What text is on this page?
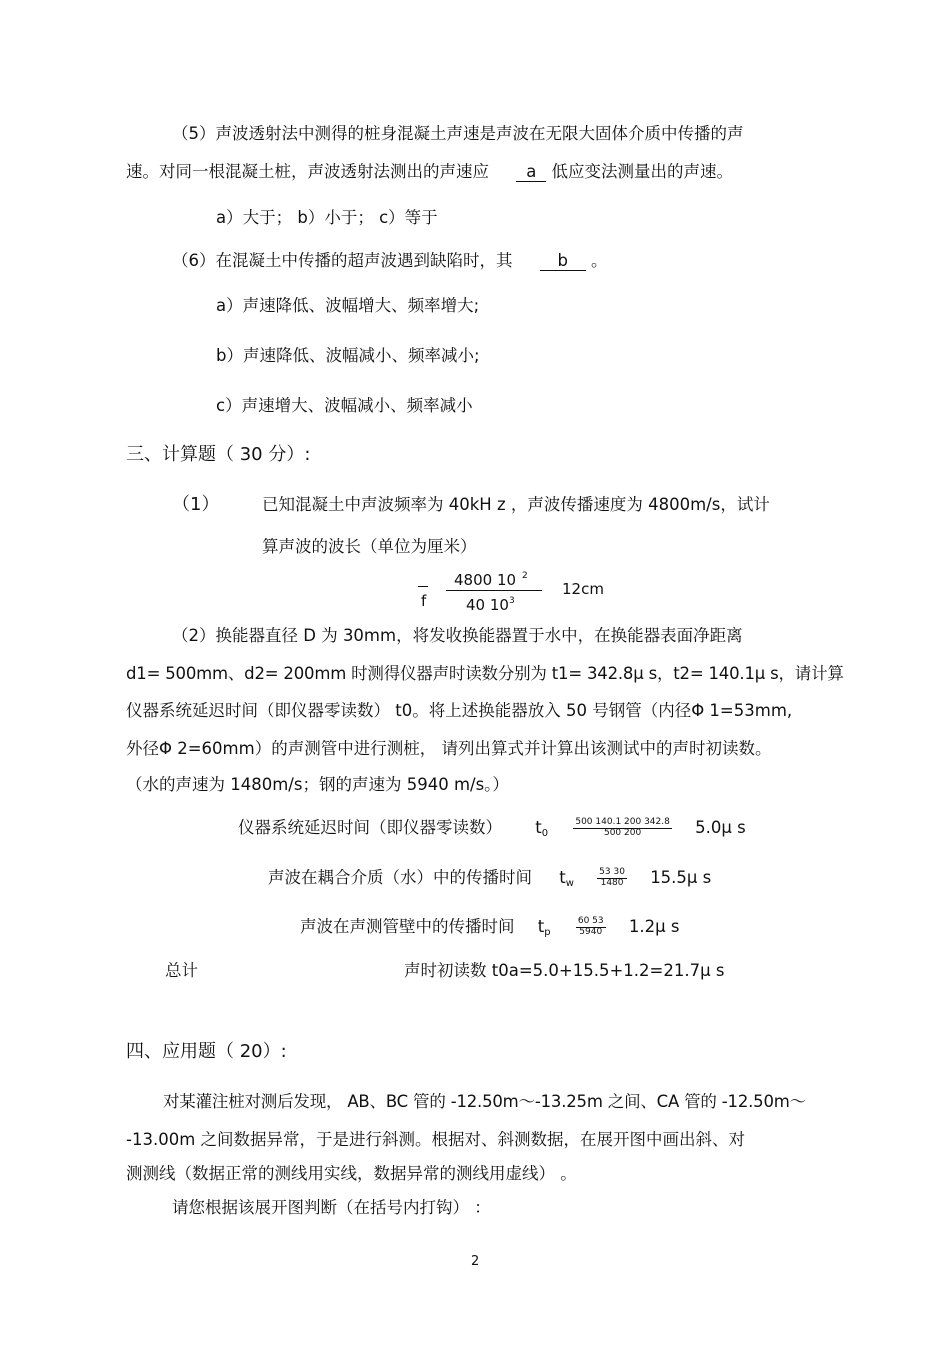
（5）声波透射法中测得的桩身混凝土声速是声波在无限大固体介质中传播的声
速。对同一根混凝土桩，声波透射法测出的声速应 a 低应变法测量出的声速。
a）大于； b）小于； c）等于
（6）在混凝土中传播的超声波遇到缺陷时，其	b 。
a）声速降低、波幅增大、频率增大;
b）声速降低、波幅减小、频率减小;
c）声速增大、波幅减小、频率减小
三、计算题（ 30 分）:
（1）	已知混凝土中声波频率为 40kH z ，声波传播速度为 4800m/s，试计
算声波的波长（单位为厘米）
f
4800 10 $^2$
40 $10^3$
12cm
（2）换能器直径 D 为 30mm，将发收换能器置于水中，在换能器表面净距离
d1= 500mm、d2= 200mm 时测得仪器声时读数分别为 t1= 342.8μ s，t2= 140.1μ s，请计算
仪器系统延迟时间（即仪器零读数） t0。将上述换能器放入 50 号钢管（内径Φ 1=53mm,
外径Φ 2=60mm）的声测管中进行测桩， 请列出算式并计算出该测试中的声时初读数。
（水的声速为 1480m/s；钢的声速为 5940 m/s。）
仪器系统延迟时间（即仪器零读数） $t_0$	$\frac{500 140.1 200 342.8}{500 200} 5.0\mu$ s
声波在耦合介质（水）中的传播时间 $t_w$	$\frac{53 30}{1480} 15.5\mu$ s
声波在声测管壁中的传播时间 $t_p$	$\frac{60 53}{5940} 1.2\mu$ s
总计	声时初读数 t0a=5.0+15.5+1.2=21.7μ s
四、应用题（ 20）:
对某灌注桩对测后发现， AB、BC 管的 -12.50m～-13.25m 之间、CA 管的 -12.50m～
-13.00m 之间数据异常，于是进行斜测。根据对、斜测数据，在展开图中画出斜、对
测测线（数据正常的测线用实线，数据异常的测线用虚线） 。
请您根据该展开图判断（在括号内打钩） ：
2
